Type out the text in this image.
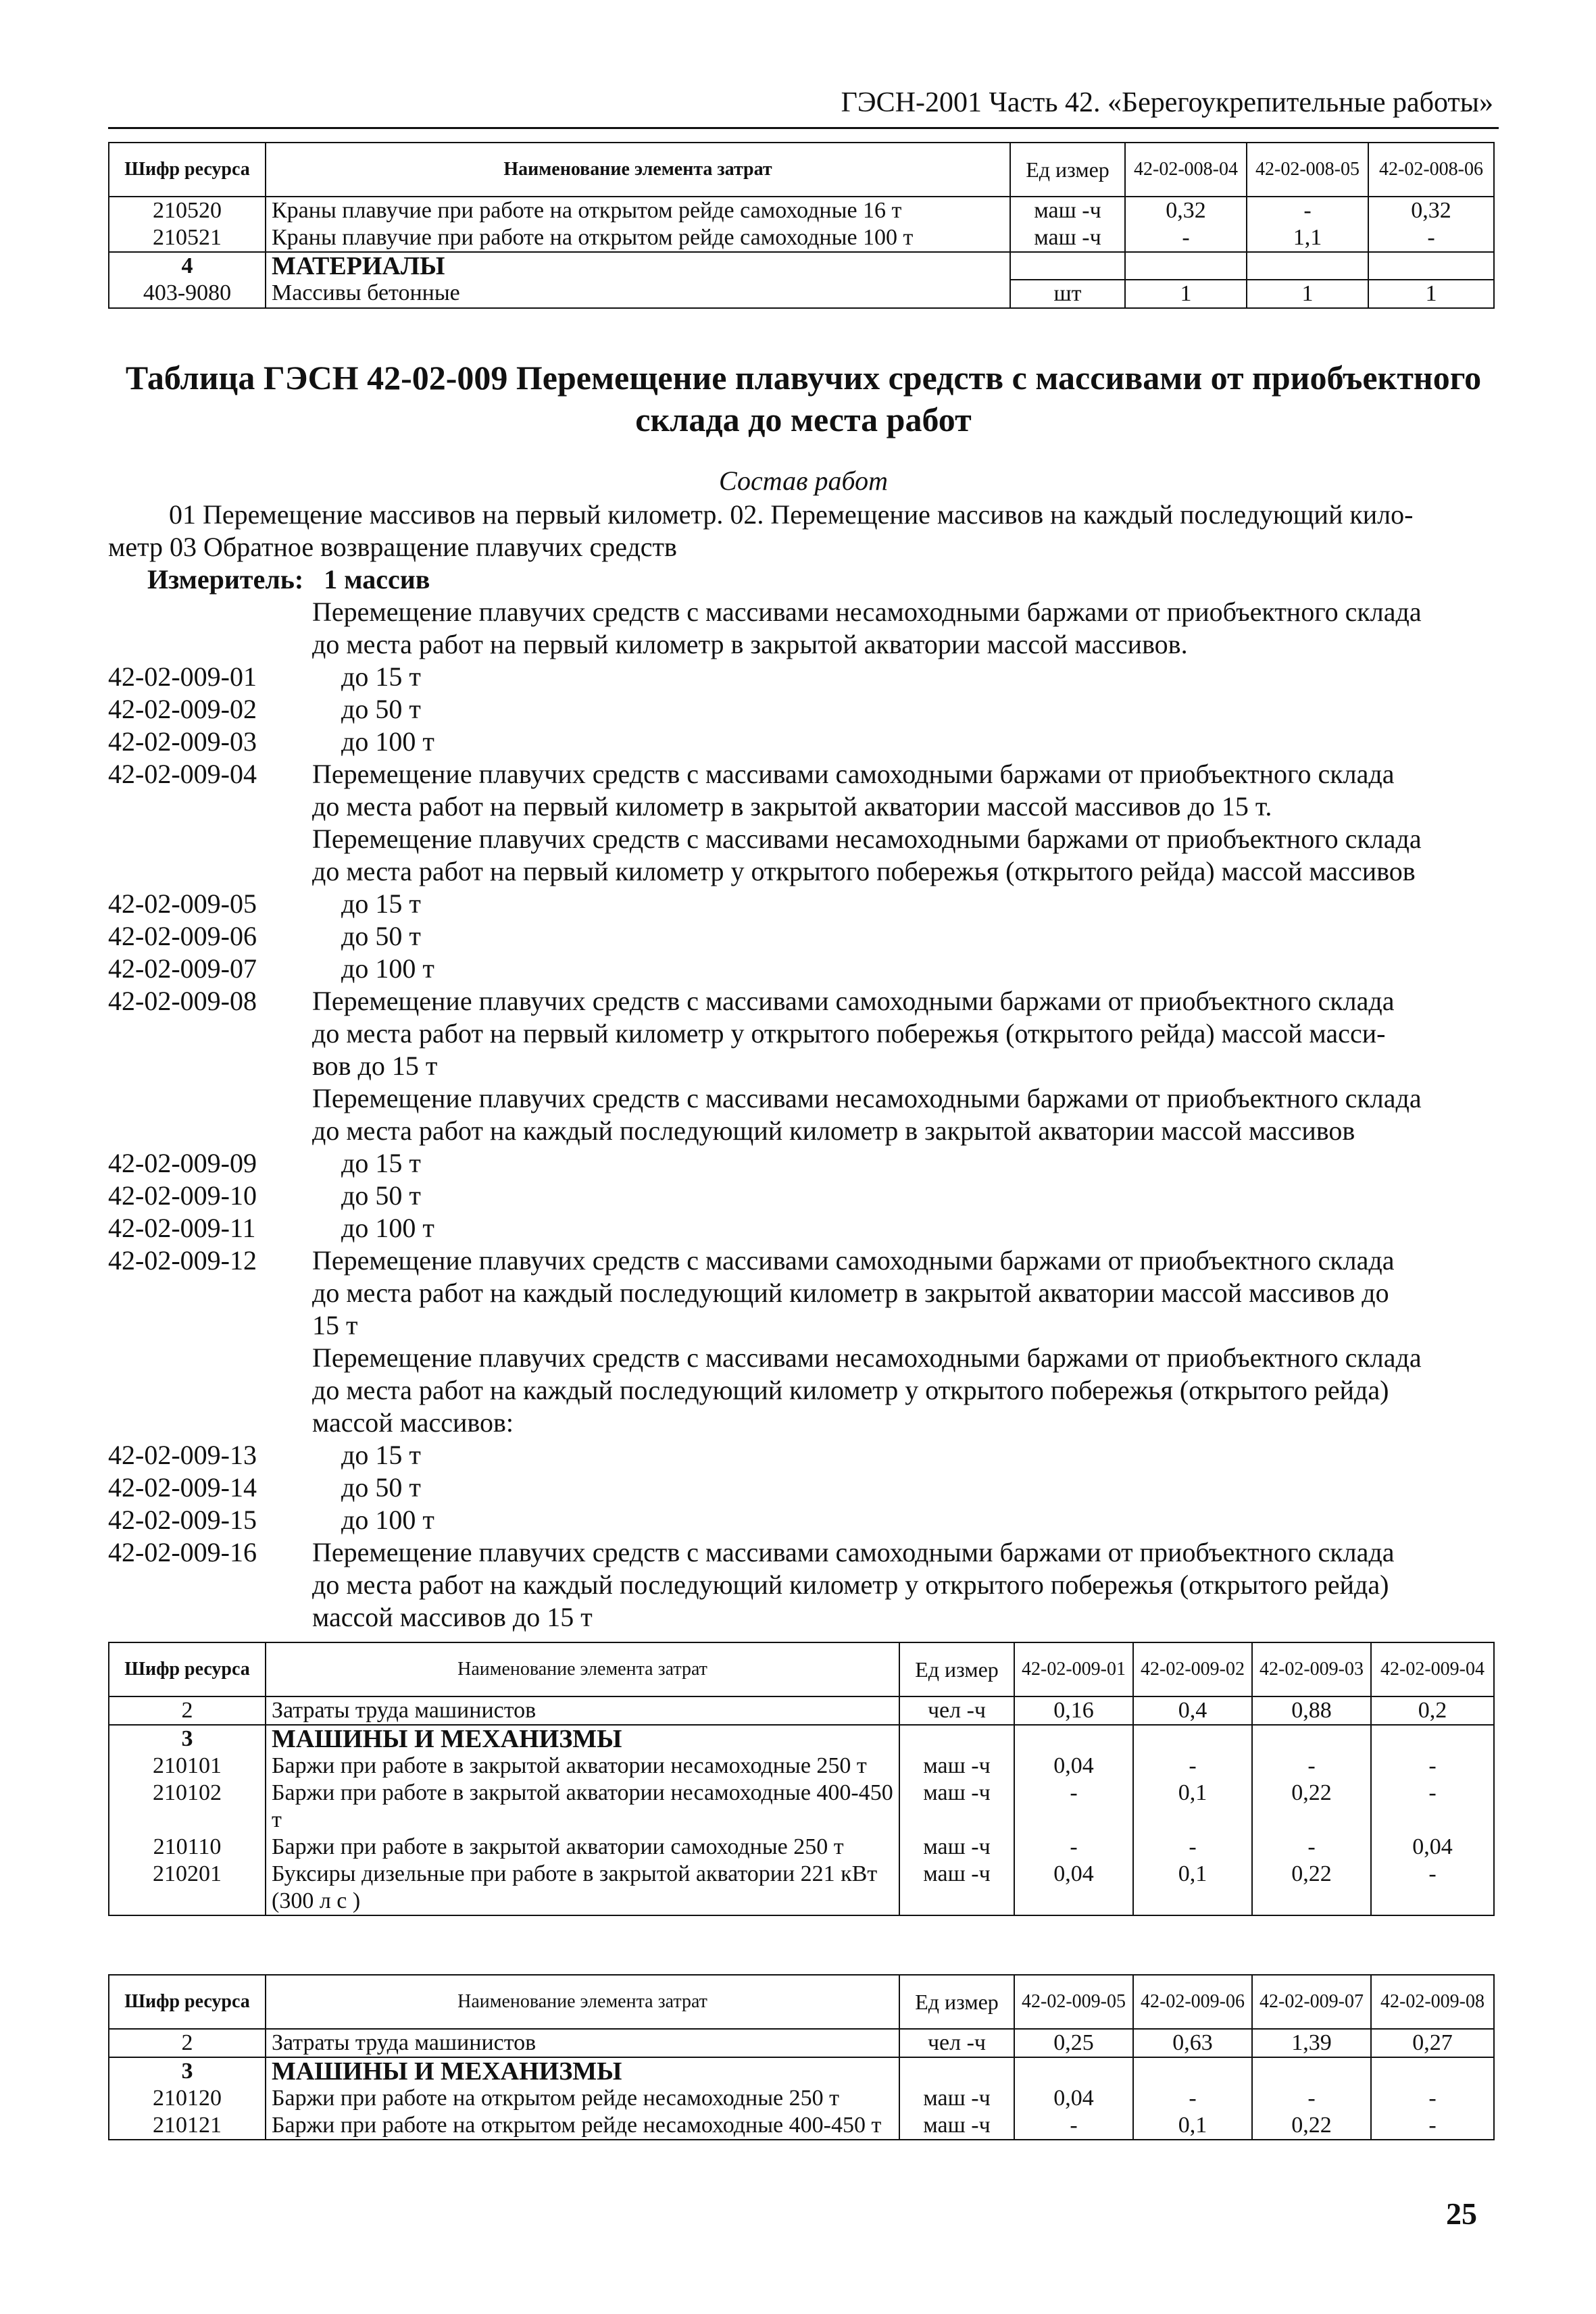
ГЭСН-2001 Часть 42. «Берегоукрепительные работы»
Шифр ресурса	Наименование элемента затрат	Ед измер	42-02-008-04	42-02-008-05	42-02-008-06
210520	Краны плавучие при работе на открытом рейде самоходные 16 т	маш -ч	0,32	-	0,32
210521	Краны плавучие при работе на открытом рейде самоходные 100 т	маш -ч	-	1,1	-
4	МАТЕРИАЛЫ				
403-9080	Массивы бетонные	шт	1	1	1
Таблица ГЭСН 42-02-009 Перемещение плавучих средств с массивами от приобъектного
склада до места работ
Состав работ
01 Перемещение массивов на первый километр. 02. Перемещение массивов на каждый последующий кило-
метр 03 Обратное возвращение плавучих средств
Измеритель: 1 массив
Перемещение плавучих средств с массивами несамоходными баржами от приобъектного склада
до места работ на первый километр в закрытой акватории массой массивов.
42-02-009-01	до 15 т
42-02-009-02	до 50 т
42-02-009-03	до 100 т
42-02-009-04 Перемещение плавучих средств с массивами самоходными баржами от приобъектного склада
до места работ на первый километр в закрытой акватории массой массивов до 15 т.
Перемещение плавучих средств с массивами несамоходными баржами от приобъектного склада
до места работ на первый километр у открытого побережья (открытого рейда) массой массивов
42-02-009-05	до 15 т
42-02-009-06	до 50 т
42-02-009-07	до 100 т
42-02-009-08 Перемещение плавучих средств с массивами самоходными баржами от приобъектного склада
до места работ на первый километр у открытого побережья (открытого рейда) массой масси-
вов до 15 т
Перемещение плавучих средств с массивами несамоходными баржами от приобъектного склада
до места работ на каждый последующий километр в закрытой акватории массой массивов
42-02-009-09	до 15 т
42-02-009-10	до 50 т
42-02-009-11	до 100 т
42-02-009-12 Перемещение плавучих средств с массивами самоходными баржами от приобъектного склада
до места работ на каждый последующий километр в закрытой акватории массой массивов до
15 т
Перемещение плавучих средств с массивами несамоходными баржами от приобъектного склада
до места работ на каждый последующий километр у открытого побережья (открытого рейда)
массой массивов:
42-02-009-13	до 15 т
42-02-009-14	до 50 т
42-02-009-15	до 100 т
42-02-009-16 Перемещение плавучих средств с массивами самоходными баржами от приобъектного склада
до места работ на каждый последующий километр у открытого побережья (открытого рейда)
массой массивов до 15 т
Шифр ресурса	Наименование элемента затрат	Ед измер	42-02-009-01	42-02-009-02	42-02-009-03	42-02-009-04
2	Затраты труда машинистов	чел -ч	0,16	0,4	0,88	0,2
3	МАШИНЫ И МЕХАНИЗМЫ					
210101	Баржи при работе в закрытой акватории несамоходные 250 т	маш -ч	0,04	-	-	-
210102	Баржи при работе в закрытой акватории несамоходные 400-450 т	маш -ч	-	0,1	0,22	-
210110	Баржи при работе в закрытой акватории самоходные 250 т	маш -ч	-	-	-	0,04
210201	Буксиры дизельные при работе в закрытой акватории 221 кВт (300 л с )	маш -ч	0,04	0,1	0,22	-
Шифр ресурса	Наименование элемента затрат	Ед измер	42-02-009-05	42-02-009-06	42-02-009-07	42-02-009-08
2	Затраты труда машинистов	чел -ч	0,25	0,63	1,39	0,27
3	МАШИНЫ И МЕХАНИЗМЫ					
210120	Баржи при работе на открытом рейде несамоходные 250 т	маш -ч	0,04	-	-	-
210121	Баржи при работе на открытом рейде несамоходные 400-450 т	маш -ч	-	0,1	0,22	-
25
